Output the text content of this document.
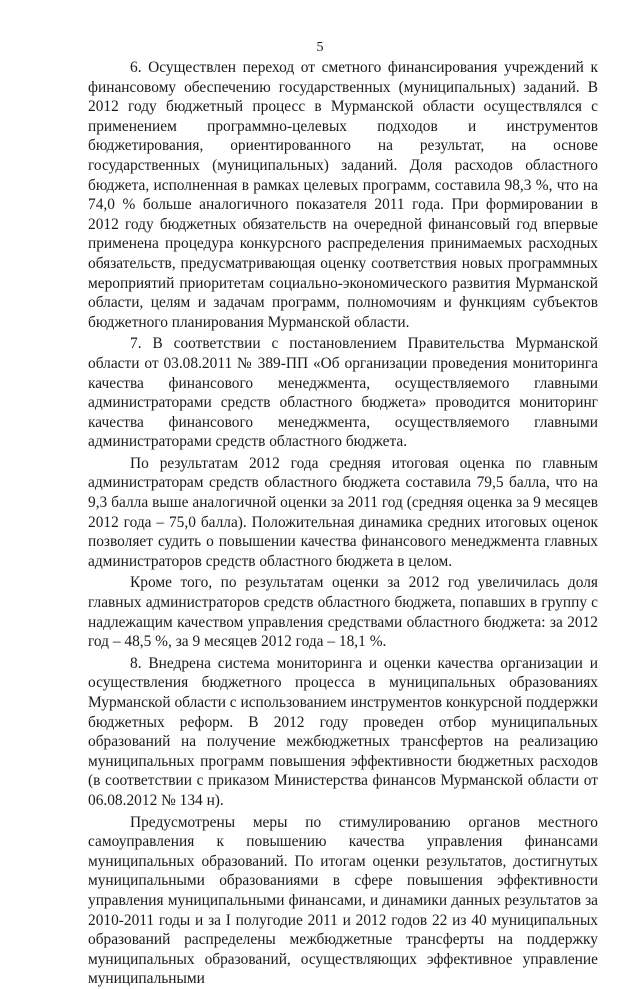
5

6. Осуществлен переход от сметного финансирования учреждений к финансовому обеспечению государственных (муниципальных) заданий. В 2012 году бюджетный процесс в Мурманской области осуществлялся с применением программно-целевых подходов и инструментов бюджетирования, ориентированного на результат, на основе государственных (муниципальных) заданий. Доля расходов областного бюджета, исполненная в рамках целевых программ, составила 98,3 %, что на 74,0 % больше аналогичного показателя 2011 года. При формировании в 2012 году бюджетных обязательств на очередной финансовый год впервые применена процедура конкурсного распределения принимаемых расходных обязательств, предусматривающая оценку соответствия новых программных мероприятий приоритетам социально-экономического развития Мурманской области, целям и задачам программ, полномочиям и функциям субъектов бюджетного планирования Мурманской области.

7. В соответствии с постановлением Правительства Мурманской области от 03.08.2011 № 389-ПП «Об организации проведения мониторинга качества финансового менеджмента, осуществляемого главными администраторами средств областного бюджета» проводится мониторинг качества финансового менеджмента, осуществляемого главными администраторами средств областного бюджета.

По результатам 2012 года средняя итоговая оценка по главным администраторам средств областного бюджета составила 79,5 балла, что на 9,3 балла выше аналогичной оценки за 2011 год (средняя оценка за 9 месяцев 2012 года – 75,0 балла). Положительная динамика средних итоговых оценок позволяет судить о повышении качества финансового менеджмента главных администраторов средств областного бюджета в целом.

Кроме того, по результатам оценки за 2012 год увеличилась доля главных администраторов средств областного бюджета, попавших в группу с надлежащим качеством управления средствами областного бюджета: за 2012 год – 48,5 %, за 9 месяцев 2012 года – 18,1 %.

8. Внедрена система мониторинга и оценки качества организации и осуществления бюджетного процесса в муниципальных образованиях Мурманской области с использованием инструментов конкурсной поддержки бюджетных реформ. В 2012 году проведен отбор муниципальных образований на получение межбюджетных трансфертов на реализацию муниципальных программ повышения эффективности бюджетных расходов (в соответствии с приказом Министерства финансов Мурманской области от 06.08.2012 № 134 н).

Предусмотрены меры по стимулированию органов местного самоуправления к повышению качества управления финансами муниципальных образований. По итогам оценки результатов, достигнутых муниципальными образованиями в сфере повышения эффективности управления муниципальными финансами, и динамики данных результатов за 2010-2011 годы и за I полугодие 2011 и 2012 годов 22 из 40 муниципальных образований распределены межбюджетные трансферты на поддержку муниципальных образований, осуществляющих эффективное управление муниципальными
